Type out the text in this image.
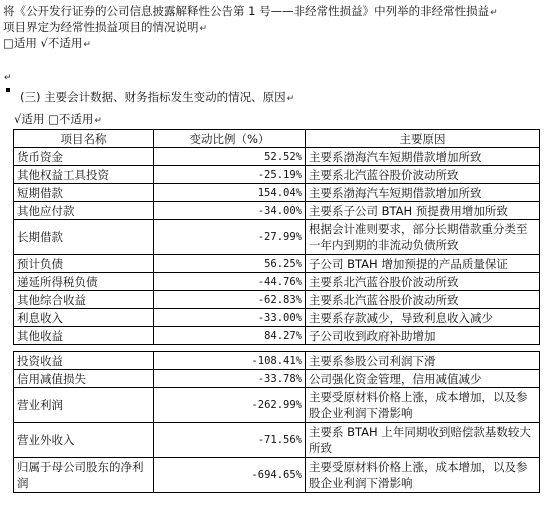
将《公开发行证券的公司信息披露解释性公告第 1 号——非经常性损益》中列举的非经常性损益↵
项目界定为经常性损益项目的情况说明↵
□适用 √不适用↵
↵
(三) 主要会计数据、财务指标发生变动的情况、原因↵
√适用 □不适用↵
项目名称	变动比例（%）	主要原因
货币资金	52.52%	主要系渤海汽车短期借款增加所致
其他权益工具投资	-25.19%	主要系北汽蓝谷股价波动所致
短期借款	154.04%	主要系渤海汽车短期借款增加所致
其他应付款	-34.00%	主要系子公司 BTAH 预提费用增加所致
长期借款	-27.99%	根据会计准则要求，部分长期借款重分类至一年内到期的非流动负债所致
预计负债	56.25%	子公司 BTAH 增加预提的产品质量保证
递延所得税负债	-44.76%	主要系北汽蓝谷股价波动所致
其他综合收益	-62.83%	主要系北汽蓝谷股价波动所致
利息收入	-33.00%	主要系存款减少，导致利息收入减少
其他收益	84.27%	子公司收到政府补助增加

投资收益	-108.41%	主要系参股公司利润下滑
信用减值损失	-33.78%	公司强化资金管理，信用减值减少
营业利润	-262.99%	主要受原材料价格上涨，成本增加，以及参股企业利润下滑影响
营业外收入	-71.56%	主要系 BTAH 上年同期收到赔偿款基数较大所致
归属于母公司股东的净利润	-694.65%	主要受原材料价格上涨，成本增加，以及参股企业利润下滑影响
